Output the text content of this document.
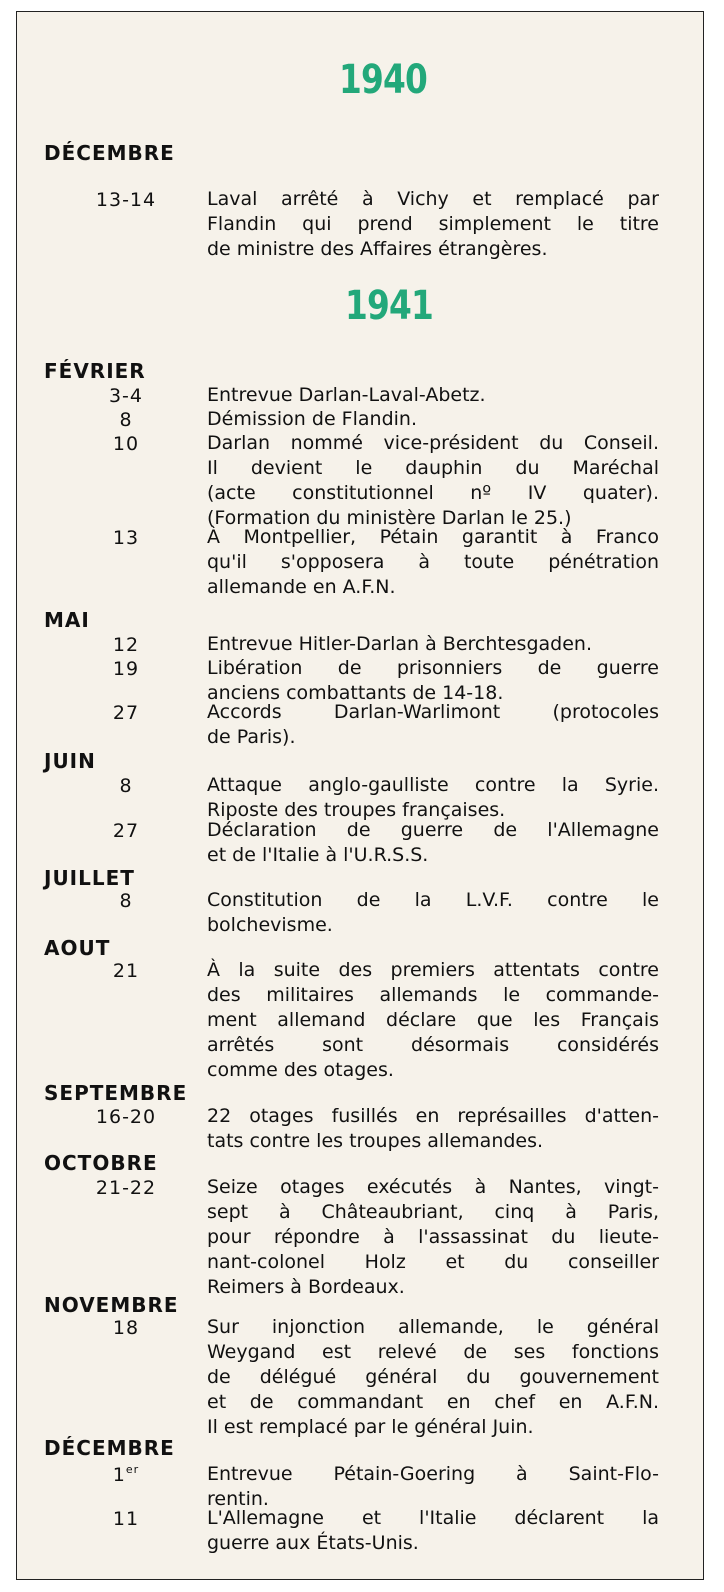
1940
DÉCEMBRE
13-14	Laval arrêté à Vichy et remplacé par
Flandin qui prend simplement le titre
de ministre des Affaires étrangères.
1941
FÉVRIER
3-4	Entrevue Darlan-Laval-Abetz.
8	Démission de Flandin.
10	Darlan nommé vice-président du Conseil.
Il devient le dauphin du Maréchal
(acte constitutionnel nº IV quater).
(Formation du ministère Darlan le 25.)
13	À Montpellier, Pétain garantit à Franco
qu'il s'opposera à toute pénétration
allemande en A.F.N.
MAI
12	Entrevue Hitler-Darlan à Berchtesgaden.
19	Libération de prisonniers de guerre
anciens combattants de 14-18.
27	Accords Darlan-Warlimont (protocoles
de Paris).
JUIN
8	Attaque anglo-gaulliste contre la Syrie.
Riposte des troupes françaises.
27	Déclaration de guerre de l'Allemagne
et de l'Italie à l'U.R.S.S.
JUILLET
8	Constitution de la L.V.F. contre le
bolchevisme.
AOUT
21	À la suite des premiers attentats contre
des militaires allemands le commande-
ment allemand déclare que les Français
arrêtés sont désormais considérés
comme des otages.
SEPTEMBRE
16-20	22 otages fusillés en représailles d'atten-
tats contre les troupes allemandes.
OCTOBRE
21-22	Seize otages exécutés à Nantes, vingt-
sept à Châteaubriant, cinq à Paris,
pour répondre à l'assassinat du lieute-
nant-colonel Holz et du conseiller
Reimers à Bordeaux.
NOVEMBRE
18	Sur injonction allemande, le général
Weygand est relevé de ses fonctions
de délégué général du gouvernement
et de commandant en chef en A.F.N.
Il est remplacé par le général Juin.
DÉCEMBRE
1er	Entrevue Pétain-Goering à Saint-Flo-
rentin.
11	L'Allemagne et l'Italie déclarent la
guerre aux États-Unis.
